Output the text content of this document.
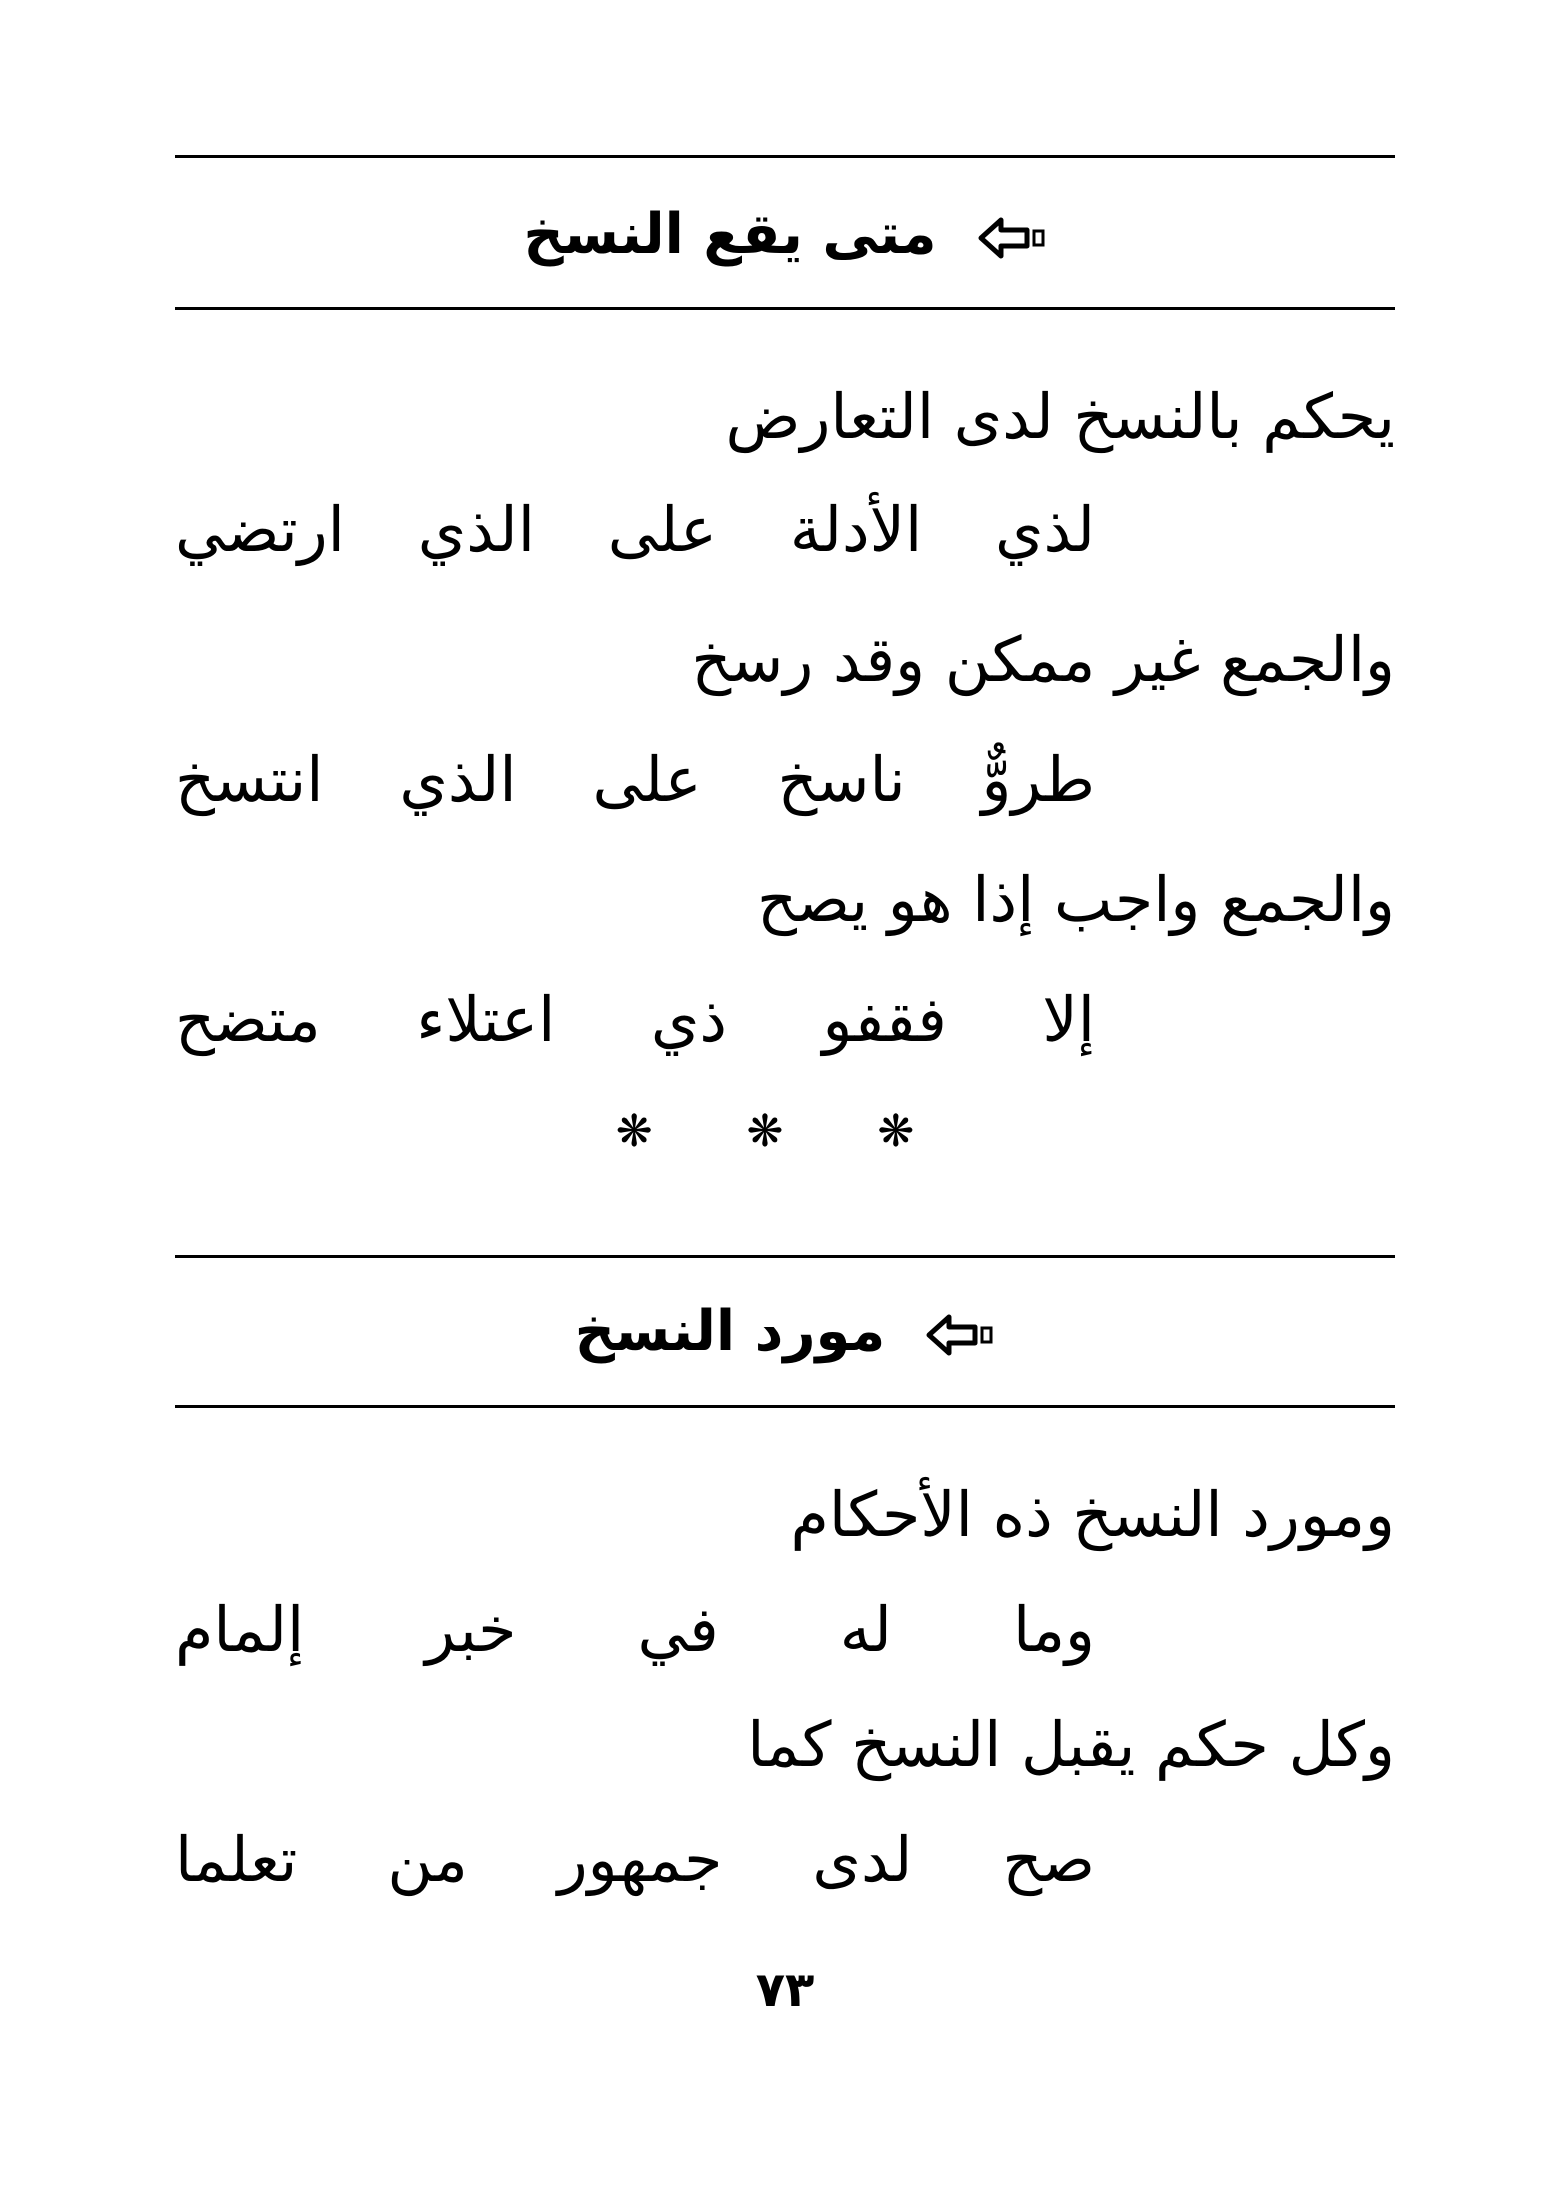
متى يقع النسخ
يحكم بالنسخ لدى التعارض
لذي الأدلة على الذي ارتضي
والجمع غير ممكن وقد رسخ
طروٌّ ناسخ على الذي انتسخ
والجمع واجب إذا هو يصح
إلا فقفو ذي اعتلاء متضح
❋ ❋ ❋
مورد النسخ
ومورد النسخ ذه الأحكام
وما له في خبر إلمام
وكل حكم يقبل النسخ كما
صح لدى جمهور من تعلما
٧٣
